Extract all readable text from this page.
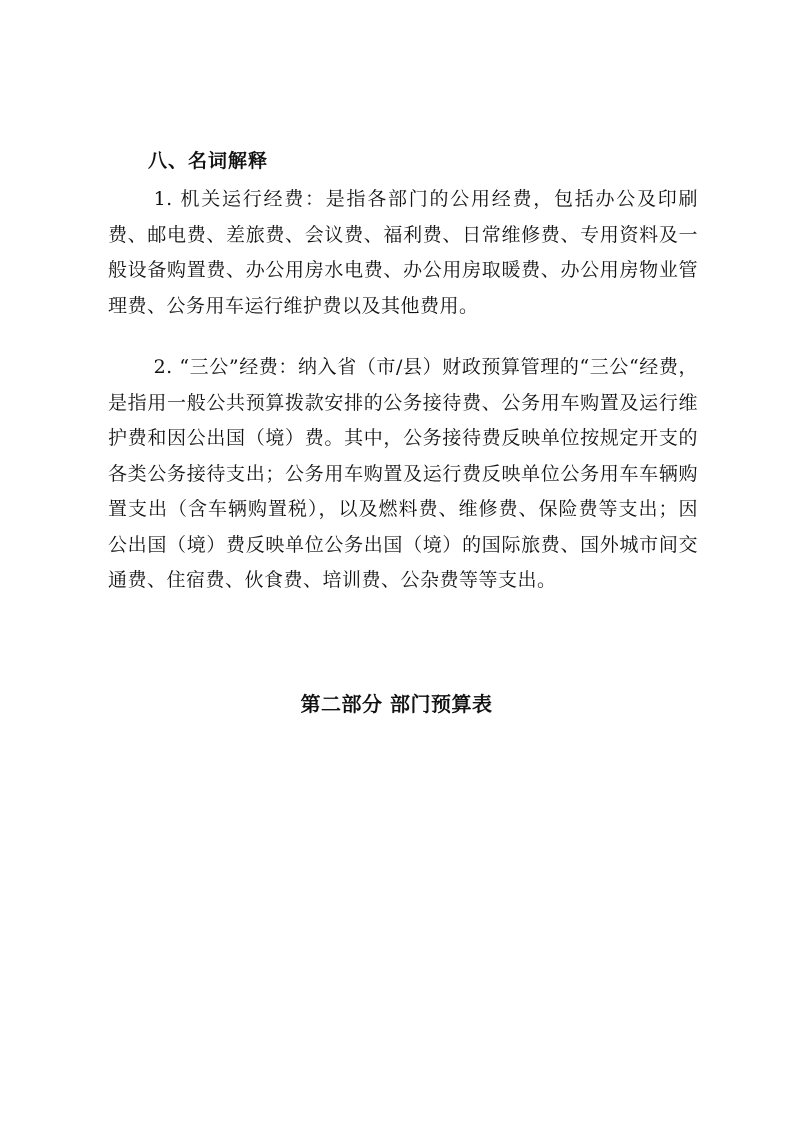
八、名词解释

1. 机关运行经费：是指各部门的公用经费，包括办公及印刷费、邮电费、差旅费、会议费、福利费、日常维修费、专用资料及一般设备购置费、办公用房水电费、办公用房取暖费、办公用房物业管理费、公务用车运行维护费以及其他费用。

2. “三公”经费：纳入省（市/县）财政预算管理的“三公“经费，是指用一般公共预算拨款安排的公务接待费、公务用车购置及运行维护费和因公出国（境）费。其中，公务接待费反映单位按规定开支的各类公务接待支出；公务用车购置及运行费反映单位公务用车车辆购置支出（含车辆购置税），以及燃料费、维修费、保险费等支出；因公出国（境）费反映单位公务出国（境）的国际旅费、国外城市间交通费、住宿费、伙食费、培训费、公杂费等等支出。

第二部分 部门预算表
